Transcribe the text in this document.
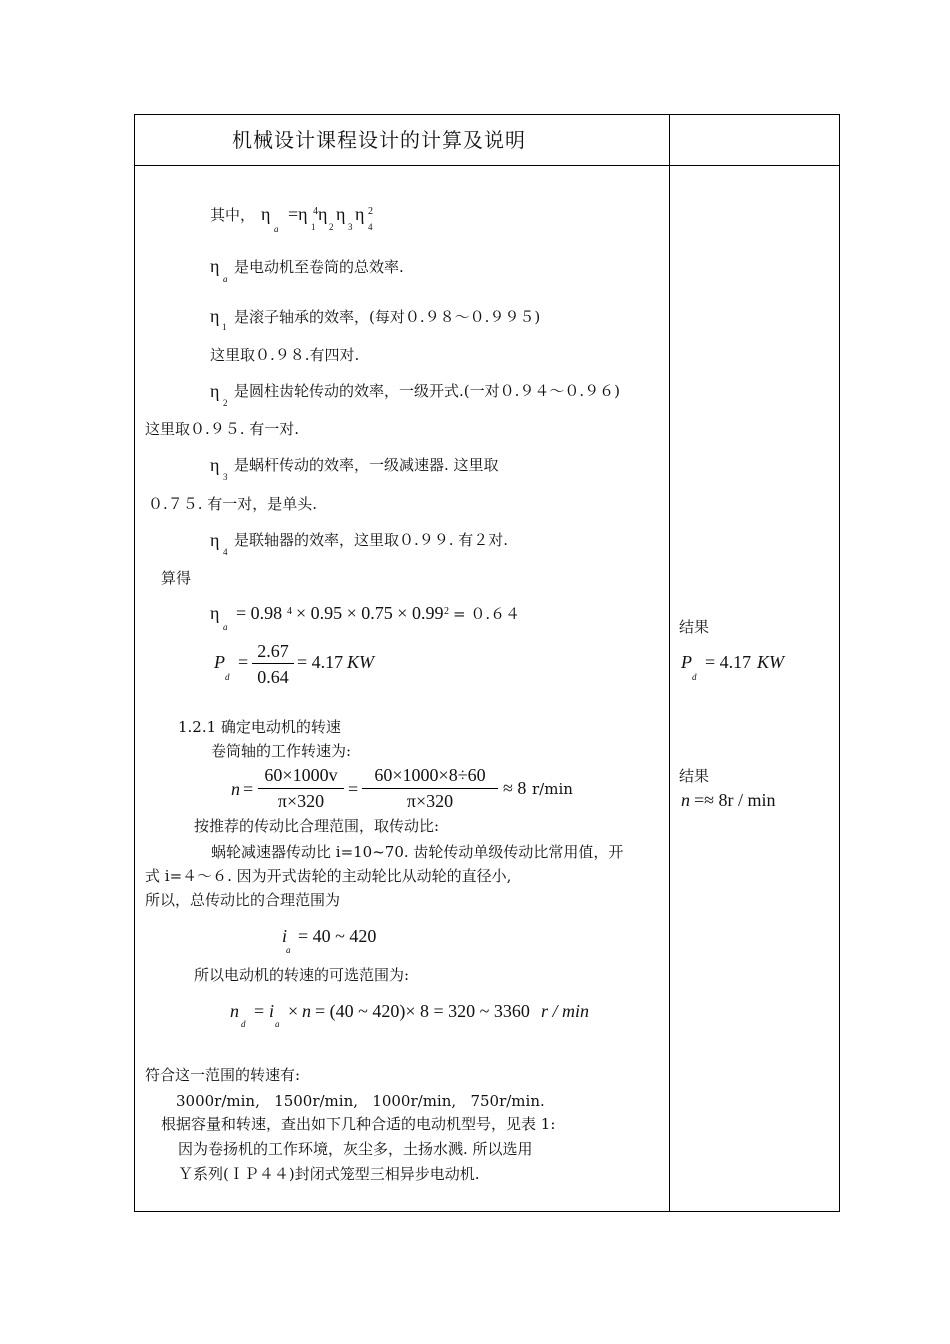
机械设计课程设计的计算及说明
其中， η
a
=η 4
1
η
2
η
3
η 2
4
η
a
是电动机至卷筒的总效率.
η
1
是滚子轴承的效率，(每对０.９８～０.９９５)
这里取０.９８.有四对.
η
2
是圆柱齿轮传动的效率，一级开式.(一对０.９４～０.９６)
这里取０.９５. 有一对.
η
3
是蜗杆传动的效率，一级减速器. 这里取
０.７５. 有一对，是单头.
η
4
是联轴器的效率，这里取０.９９. 有２对.
算得
η
a
= 0.98 4 × 0.95 × 0.75 × 0.99 2 = ０.６４
P
d
=
2.67
0.64
= 4.17 KW
结果
P
d
= 4.17 KW
1.2.1 确定电动机的转速
卷筒轴的工作转速为:
n =
60×1000v
π×320
=
60×1000×8÷60
π×320
≈ 8 r/min
结果
n =≈ 8r / min
按推荐的传动比合理范围，取传动比:
蜗轮减速器传动比 i=10~70. 齿轮传动单级传动比常用值，开
式 i=４～６. 因为开式齿轮的主动轮比从动轮的直径小,
所以，总传动比的合理范围为
i
a
= 40 ~ 420
所以电动机的转速的可选范围为:
n
d
= i
a
× n = (40 ~ 420)× 8 = 320 ~ 3360 r / min
符合这一范围的转速有:
3000r/min,   1500r/min,   1000r/min,   750r/min.
根据容量和转速，查出如下几种合适的电动机型号，见表 1:
因为卷扬机的工作环境，灰尘多，土扬水溅. 所以选用
Ｙ系列(ＩＰ４４)封闭式笼型三相异步电动机.
